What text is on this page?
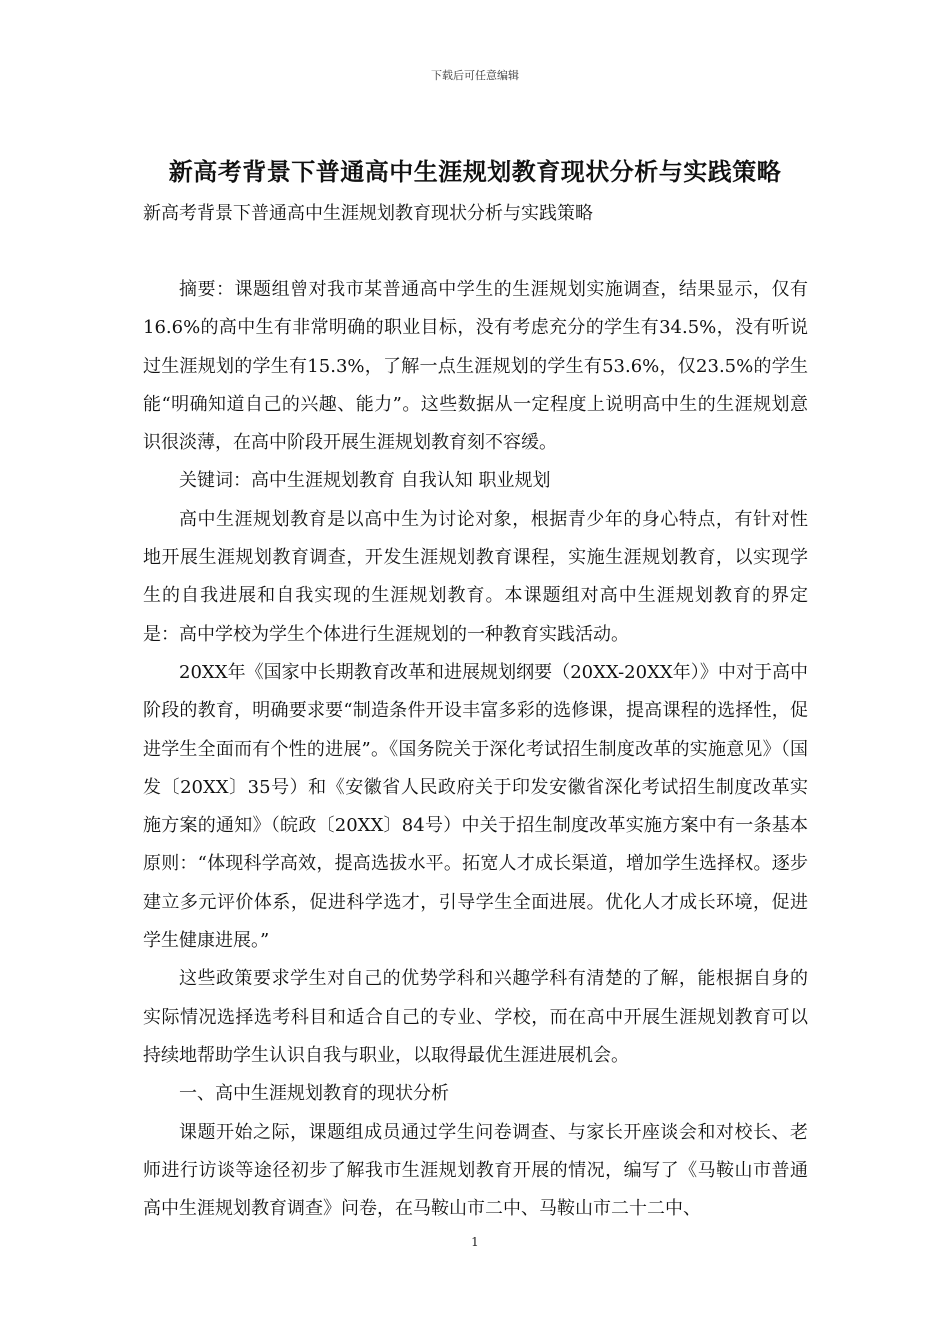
下载后可任意编辑
新高考背景下普通高中生涯规划教育现状分析与实践策略
新高考背景下普通高中生涯规划教育现状分析与实践策略

摘要：课题组曾对我市某普通高中学生的生涯规划实施调查，结果显示，仅有16.6%的高中生有非常明确的职业目标，没有考虑充分的学生有34.5%，没有听说过生涯规划的学生有15.3%，了解一点生涯规划的学生有53.6%，仅23.5%的学生能“明确知道自己的兴趣、能力”。这些数据从一定程度上说明高中生的生涯规划意识很淡薄，在高中阶段开展生涯规划教育刻不容缓。

关键词：高中生涯规划教育 自我认知 职业规划

高中生涯规划教育是以高中生为讨论对象，根据青少年的身心特点，有针对性地开展生涯规划教育调查，开发生涯规划教育课程，实施生涯规划教育，以实现学生的自我进展和自我实现的生涯规划教育。本课题组对高中生涯规划教育的界定是：高中学校为学生个体进行生涯规划的一种教育实践活动。

20XX年《国家中长期教育改革和进展规划纲要（20XX-20XX年）》中对于高中阶段的教育，明确要求要“制造条件开设丰富多彩的选修课，提高课程的选择性，促进学生全面而有个性的进展”。《国务院关于深化考试招生制度改革的实施意见》（国发〔20XX〕35号）和《安徽省人民政府关于印发安徽省深化考试招生制度改革实施方案的通知》（皖政〔20XX〕84号）中关于招生制度改革实施方案中有一条基本原则：“体现科学高效，提高选拔水平。拓宽人才成长渠道，增加学生选择权。逐步建立多元评价体系，促进科学选才，引导学生全面进展。优化人才成长环境，促进学生健康进展。”

这些政策要求学生对自己的优势学科和兴趣学科有清楚的了解，能根据自身的实际情况选择选考科目和适合自己的专业、学校，而在高中开展生涯规划教育可以持续地帮助学生认识自我与职业，以取得最优生涯进展机会。

一、高中生涯规划教育的现状分析

课题开始之际，课题组成员通过学生问卷调查、与家长开座谈会和对校长、老师进行访谈等途径初步了解我市生涯规划教育开展的情况，编写了《马鞍山市普通高中生涯规划教育调查》问卷，在马鞍山市二中、马鞍山市二十二中、

1
